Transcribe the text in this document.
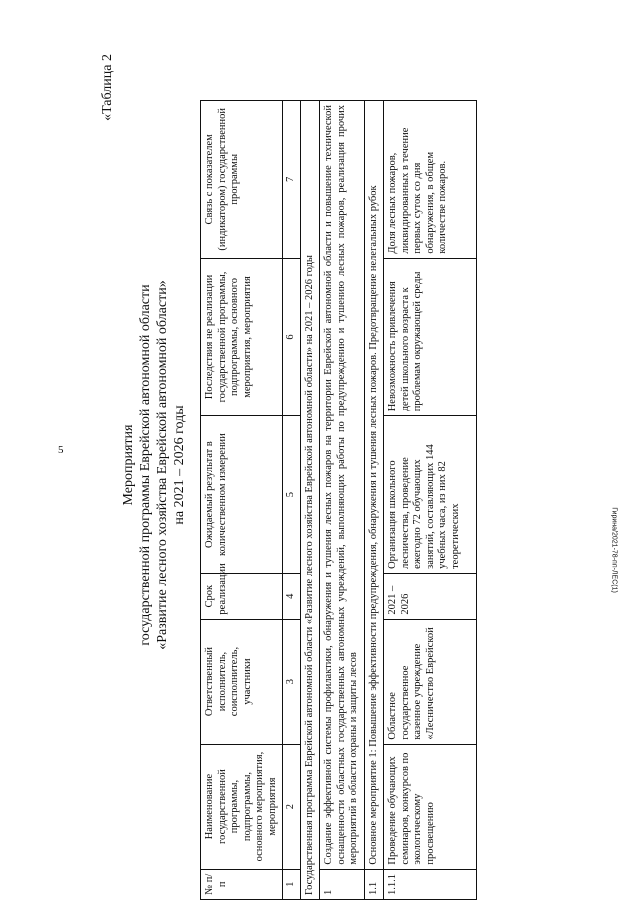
5
Гирина/2021-78-пп-ЛЕС(1)
«Таблица 2
Мероприятия государственной программы Еврейской автономной области «Развитие лесного хозяйства Еврейской автономной области» на 2021 – 2026 годы
№ п/п	Наименование государственной программы, подпрограммы, основного мероприятия, мероприятия	Ответственный исполнитель, соисполнитель, участники	Срок реализации	Ожидаемый результат в количественном измерении	Последствия не реализации государственной программы, подпрограммы, основного мероприятия, мероприятия	Связь с показателем (индикатором) государственной программы
1	2	3	4	5	6	7
Государственная программа Еврейской автономной области «Развитие лесного хозяйства Еврейской автономной области» на 2021 – 2026 годы						
1	Создание эффективной системы профилактики, обнаружения и тушения лесных пожаров на территории Еврейской автономной области и повышение технической оснащенности областных государственных автономных учреждений, выполняющих работы по предупреждению и тушению лесных пожаров, реализация прочих мероприятий в области охраны и защиты лесов					
1.1	Основное мероприятие 1: Повышение эффективности предупреждения, обнаружения и тушения лесных пожаров. Предотвращение нелегальных рубок					
1.1.1	Проведение обучающих семинаров, конкурсов по экологическому просвещению	Областное государственное казенное учреждение «Лесничество Еврейской	2021 – 2026	Организация школьного лесничества, проведение ежегодно 72 обучающих занятий, составляющих 144 учебных часа, из них 82 теоретических	Невозможность привлечения детей школьного возраста к проблемам окружающей среды	Доля лесных пожаров, ликвидированных в течение первых суток со дня обнаружения, в общем количестве пожаров.
